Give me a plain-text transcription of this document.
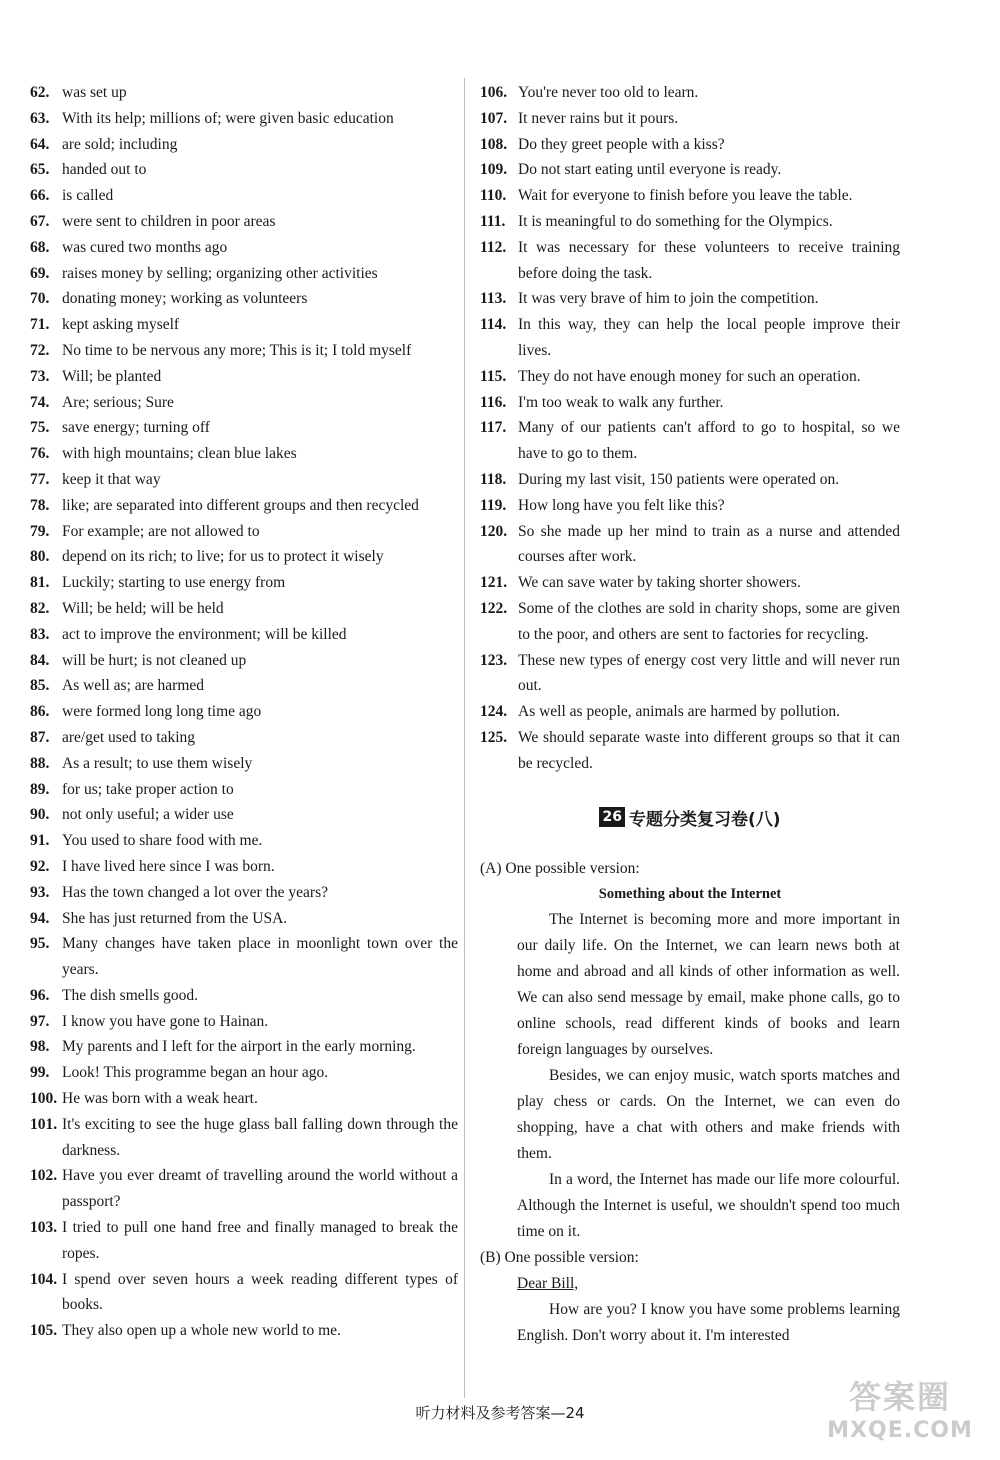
62. was set up
63. With its help; millions of; were given basic education
64. are sold; including
65. handed out to
66. is called
67. were sent to children in poor areas
68. was cured two months ago
69. raises money by selling; organizing other activities
70. donating money; working as volunteers
71. kept asking myself
72. No time to be nervous any more; This is it; I told myself
73. Will; be planted
74. Are; serious; Sure
75. save energy; turning off
76. with high mountains; clean blue lakes
77. keep it that way
78. like; are separated into different groups and then recycled
79. For example; are not allowed to
80. depend on its rich; to live; for us to protect it wisely
81. Luckily; starting to use energy from
82. Will; be held; will be held
83. act to improve the environment; will be killed
84. will be hurt; is not cleaned up
85. As well as; are harmed
86. were formed long long time ago
87. are/get used to taking
88. As a result; to use them wisely
89. for us; take proper action to
90. not only useful; a wider use
91. You used to share food with me.
92. I have lived here since I was born.
93. Has the town changed a lot over the years?
94. She has just returned from the USA.
95. Many changes have taken place in moonlight town over the years.
96. The dish smells good.
97. I know you have gone to Hainan.
98. My parents and I left for the airport in the early morning.
99. Look! This programme began an hour ago.
100. He was born with a weak heart.
101. It's exciting to see the huge glass ball falling down through the darkness.
102. Have you ever dreamt of travelling around the world without a passport?
103. I tried to pull one hand free and finally managed to break the ropes.
104. I spend over seven hours a week reading different types of books.
105. They also open up a whole new world to me.
106. You're never too old to learn.
107. It never rains but it pours.
108. Do they greet people with a kiss?
109. Do not start eating until everyone is ready.
110. Wait for everyone to finish before you leave the table.
111. It is meaningful to do something for the Olympics.
112. It was necessary for these volunteers to receive training before doing the task.
113. It was very brave of him to join the competition.
114. In this way, they can help the local people improve their lives.
115. They do not have enough money for such an operation.
116. I'm too weak to walk any further.
117. Many of our patients can't afford to go to hospital, so we have to go to them.
118. During my last visit, 150 patients were operated on.
119. How long have you felt like this?
120. So she made up her mind to train as a nurse and attended courses after work.
121. We can save water by taking shorter showers.
122. Some of the clothes are sold in charity shops, some are given to the poor, and others are sent to factories for recycling.
123. These new types of energy cost very little and will never run out.
124. As well as people, animals are harmed by pollution.
125. We should separate waste into different groups so that it can be recycled.
26 专题分类复习卷(八)
(A) One possible version:
Something about the Internet
The Internet is becoming more and more important in our daily life. On the Internet, we can learn news both at home and abroad and all kinds of other information as well. We can also send message by email, make phone calls, go to online schools, read different kinds of books and learn foreign languages by ourselves.
Besides, we can enjoy music, watch sports matches and play chess or cards. On the Internet, we can even do shopping, have a chat with others and make friends with them.
In a word, the Internet has made our life more colourful. Although the Internet is useful, we shouldn't spend too much time on it.
(B) One possible version:
Dear Bill,
How are you? I know you have some problems learning English. Don't worry about it. I'm interested
听力材料及参考答案—24	答案圈
MXQE.COM
